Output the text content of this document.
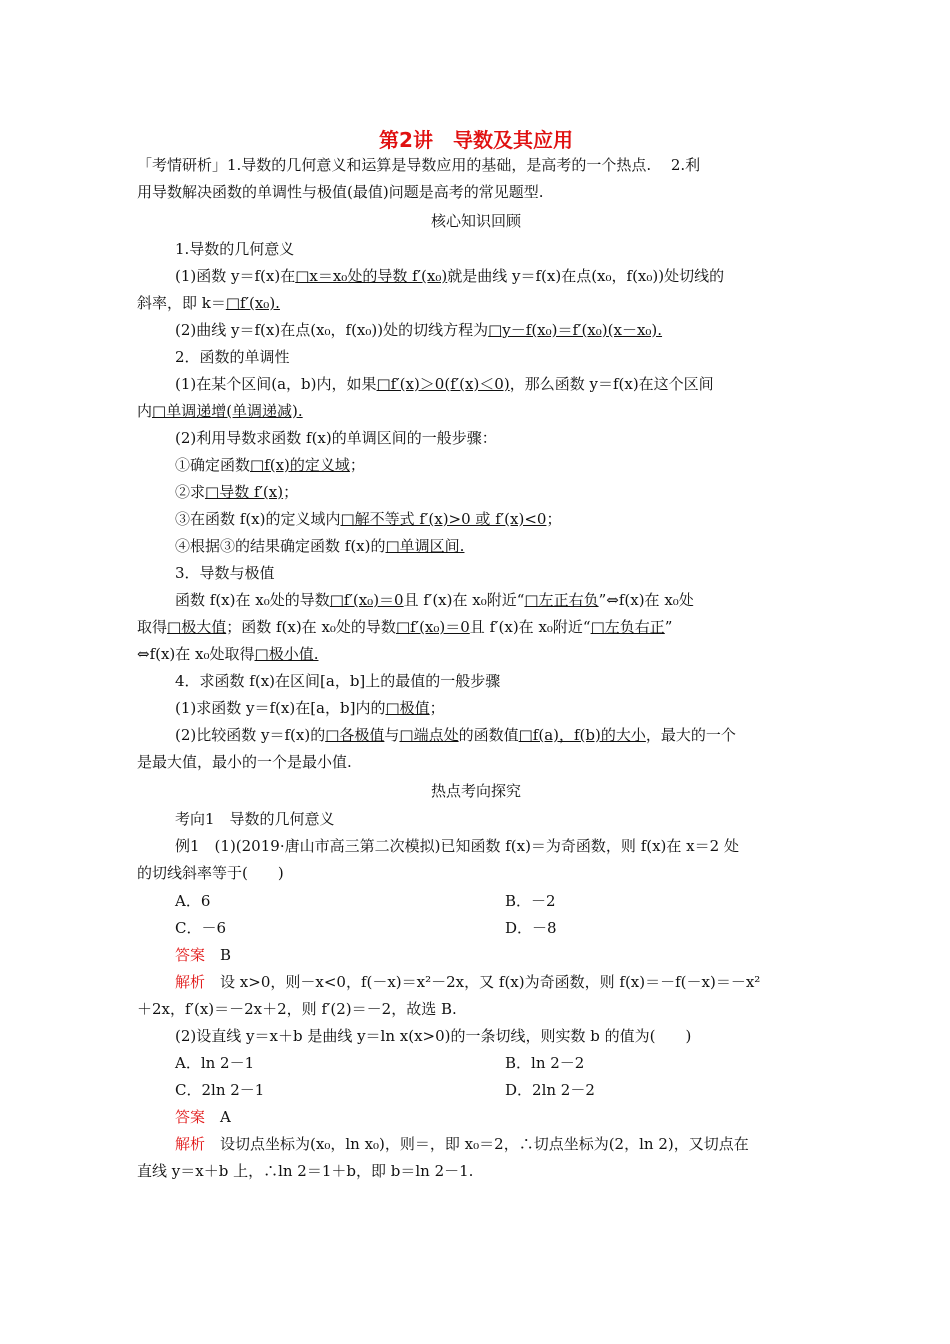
第2讲　导数及其应用
「考情研析」1.导数的几何意义和运算是导数应用的基础，是高考的一个热点.　 2.利
用导数解决函数的单调性与极值(最值)问题是高考的常见题型.
核心知识回顾
1.导数的几何意义
(1)函数 y＝f(x)在□x＝x₀处的导数 f′(x₀)就是曲线 y＝f(x)在点(x₀，f(x₀))处切线的
斜率，即 k＝□f′(x₀).
(2)曲线 y＝f(x)在点(x₀，f(x₀))处的切线方程为□y－f(x₀)＝f′(x₀)(x－x₀).
2．函数的单调性
(1)在某个区间(a，b)内，如果□f′(x)＞0(f′(x)＜0)，那么函数 y＝f(x)在这个区间
内□单调递增(单调递减).
(2)利用导数求函数 f(x)的单调区间的一般步骤：
①确定函数□f(x)的定义域；
②求□导数 f′(x)；
③在函数 f(x)的定义域内□解不等式 f′(x)>0 或 f′(x)<0；
④根据③的结果确定函数 f(x)的□单调区间.
3．导数与极值
函数 f(x)在 x₀处的导数□f′(x₀)＝0且 f′(x)在 x₀附近“□左正右负”⇔f(x)在 x₀处
取得□极大值；函数 f(x)在 x₀处的导数□f′(x₀)＝0且 f′(x)在 x₀附近“□左负右正”
⇔f(x)在 x₀处取得□极小值.
4．求函数 f(x)在区间[a，b]上的最值的一般步骤
(1)求函数 y＝f(x)在[a，b]内的□极值；
(2)比较函数 y＝f(x)的□各极值与□端点处的函数值□f(a)，f(b)的大小，最大的一个
是最大值，最小的一个是最小值.
热点考向探究
考向1　导数的几何意义
例1　(1)(2019·唐山市高三第二次模拟)已知函数 f(x)＝为奇函数，则 f(x)在 x＝2 处
的切线斜率等于(　　)
A．6	B．－2
C．－6	D．－8
答案　 B
解析　 设 x>0，则－x<0，f(－x)＝x²－2x，又 f(x)为奇函数，则 f(x)＝－f(－x)＝－x²
＋2x，f′(x)＝－2x＋2，则 f′(2)＝－2，故选 B.
(2)设直线 y＝x＋b 是曲线 y＝ln x(x>0)的一条切线，则实数 b 的值为(　　)
A．ln 2－1	B．ln 2－2
C．2ln 2－1	D．2ln 2－2
答案　 A
解析　 设切点坐标为(x₀，ln x₀)，则＝，即 x₀＝2，∴切点坐标为(2，ln 2)，又切点在
直线 y＝x＋b 上，∴ln 2＝1＋b，即 b＝ln 2－1.
